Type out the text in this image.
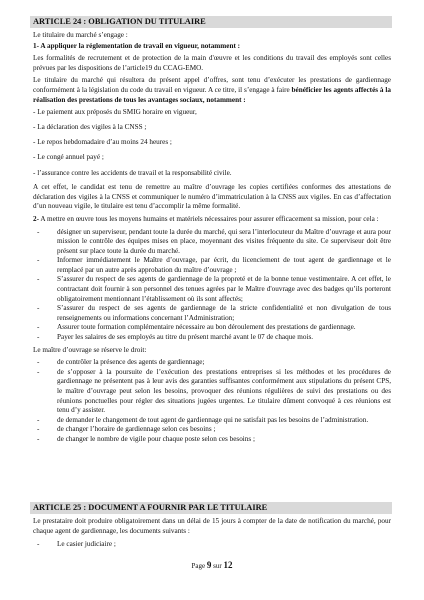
ARTICLE 24 : OBLIGATION DU TITULAIRE

Le titulaire du marché s’engage :

1- A appliquer la réglementation de travail en vigueur, notamment :

Les formalités de recrutement et de protection de la main d'œuvre et les conditions du travail des employés sont celles prévues par les dispositions de l’article19 du CCAG-EMO.

Le titulaire du marché qui résultera du présent appel d’offres, sont tenu d’exécuter les prestations de gardiennage conformément à la législation du code du travail en vigueur. A ce titre, il s’engage à faire bénéficier les agents affectés à la réalisation des prestations de tous les avantages sociaux, notamment :

- Le paiement aux préposés du SMIG horaire en vigueur,

- La déclaration des vigiles à la CNSS ;

- Le repos hebdomadaire d’au moins 24 heures ;

- Le congé annuel payé ;

- l’assurance contre les accidents de travail et la responsabilité civile.

A cet effet, le candidat est tenu de remettre au maître d’ouvrage les copies certifiées conformes des attestations de déclaration des vigiles à la CNSS et communiquer le numéro d’immatriculation à la CNSS aux vigiles. En cas d’affectation d’un nouveau vigile, le titulaire est tenu d’accomplir la même formalité.

2- A mettre en œuvre tous les moyens humains et matériels nécessaires pour assurer efficacement sa mission, pour cela :

- désigner un superviseur, pendant toute la durée du marché, qui sera l’interlocuteur du Maître d’ouvrage et aura pour mission le contrôle des équipes mises en place, moyennant des visites fréquente du site. Ce superviseur doit être présent sur place toute la durée du marché.
- Informer immédiatement le Maître d’ouvrage, par écrit, du licenciement de tout agent de gardiennage et le remplacé par un autre après approbation du maître d’ouvrage ;
- S’assurer du respect de ses agents de gardiennage de la propreté et de la bonne tenue vestimentaire. A cet effet, le contractant doit fournir à son personnel des tenues agrées par le Maître d'ouvrage avec des badges qu’ils porteront obligatoirement mentionnant l’établissement où ils sont affectés;
- S’assurer du respect de ses agents de gardiennage de la stricte confidentialité et non divulgation de tous renseignements ou informations concernant l’Administration;
- Assurer toute formation complémentaire nécessaire au bon déroulement des prestations de gardiennage.
- Payer les salaires de ses employés au titre du présent marché avant le 07 de chaque mois.

Le maître d’ouvrage se réserve le droit:

- de contrôler la présence des agents de gardiennage;
- de s’opposer à la poursuite de l’exécution des prestations entreprises si les méthodes et les procédures de gardiennage ne présentent pas à leur avis des garanties suffisantes conformément aux stipulations du présent CPS, le maître d’ouvrage peut selon les besoins, provoquer des réunions régulières de suivi des prestations ou des réunions ponctuelles pour régler des situations jugées urgentes. Le titulaire dûment convoqué à ces réunions est tenu d’y assister.
- de demander le changement de tout agent de gardiennage qui ne satisfait pas les besoins de l’administration.
- de changer l’horaire de gardiennage selon ces besoins ;
- de changer le nombre de vigile pour chaque poste selon ces besoins ;
ARTICLE 25 : DOCUMENT A FOURNIR PAR LE TITULAIRE

Le prestataire doit produire obligatoirement dans un délai de 15 jours à compter de la date de notification du marché, pour chaque agent de gardiennage, les documents suivants :

- Le casier judiciaire ;
Page 9 sur 12
